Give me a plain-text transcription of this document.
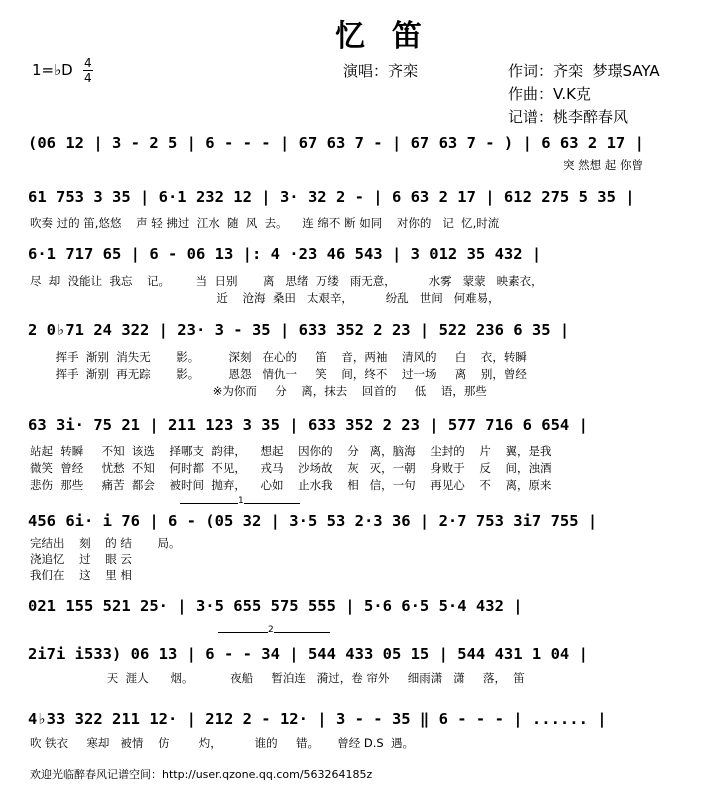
忆  笛
1=♭D 4
4	演唱：齐栾	作词：齐栾  梦璟SAYA
作曲：V.K克
记谱：桃李醉春风
(06 12 | 3 - 2 5 | 6 - - - | 67 63 7 - | 67 63 7 - ) | 6 63 2 17 |
突 然想 起 你曾
61 753 3 35 | 6·1 232 12 | 3· 32 2 - | 6 63 2 17 | 612 275 5 35 |
吹奏 过的 笛,悠悠    声 轻 拂过  江水  随  风  去。    连 绵不 断 如同    对你的   记  忆,时流
6·1 717 65 | 6 - 06 13 |: 4 ·23 46 543 | 3 012 35 432 |
尽  却  没能让  我忘    记。       当  日别       离   思绪  万缕   雨无意，         水雾   蒙蒙   映素衣，
近    沧海  桑田   太艰辛，         纷乱   世间   何难易，
2 0♭71 24 322 | 23· 3 - 35 | 633 352 2 23 | 522 236 6 35 |
挥手  渐别  消失无       影。        深刻   在心的     笛    音，两袖    清风的     白    衣，转瞬
挥手  渐别  再无踪       影。        恩怨   情仇一     笑    间，终不    过一场     离    别，曾经
※为你而     分    离，抹去    回首的     低    语，那些
63 3i· 75 21 | 211 123 3 35 | 633 352 2 23 | 577 716 6 654 |
站起  转瞬     不知  该选    择哪支  韵律，    想起    因你的    分   离，脑海    尘封的    片    翼，是我
微笑  曾经     忧愁  不知    何时都  不见，    戎马    沙场故    灰   灭，一朝    身败于    反    间，浊酒
悲伤  那些     痛苦  都会    被时间  抛弃，    心如    止水我    相   信，一句    再见心    不    离，原来
1
456 6i· i 76 | 6 - (05 32 | 3·5 53 2·3 36 | 2·7 753 3i7 755 |
完结出    刻    的 结       局。
浇追忆    过    眼 云
我们在    这    里 相
021 155 521 25· | 3·5 655 575 555 | 5·6 6·5 5·4 432 |
2
2i7i i533) 06 13 | 6 - - 34 | 544 433 05 15 | 544 431 1 04 |
天  涯人      烟。          夜船     暂泊连   漪过，卷 帘外     细雨潇   潇     落，  笛
4♭33 322 211 12· | 212 2 - 12· | 3 - - 35 ‖ 6 - - - | ...... |
吹 铁衣     寒却   被情    仿        灼，         谁的     错。     曾经 D.S  遇。
欢迎光临醉春风记谱空间：http://user.qzone.qq.com/563264185z
